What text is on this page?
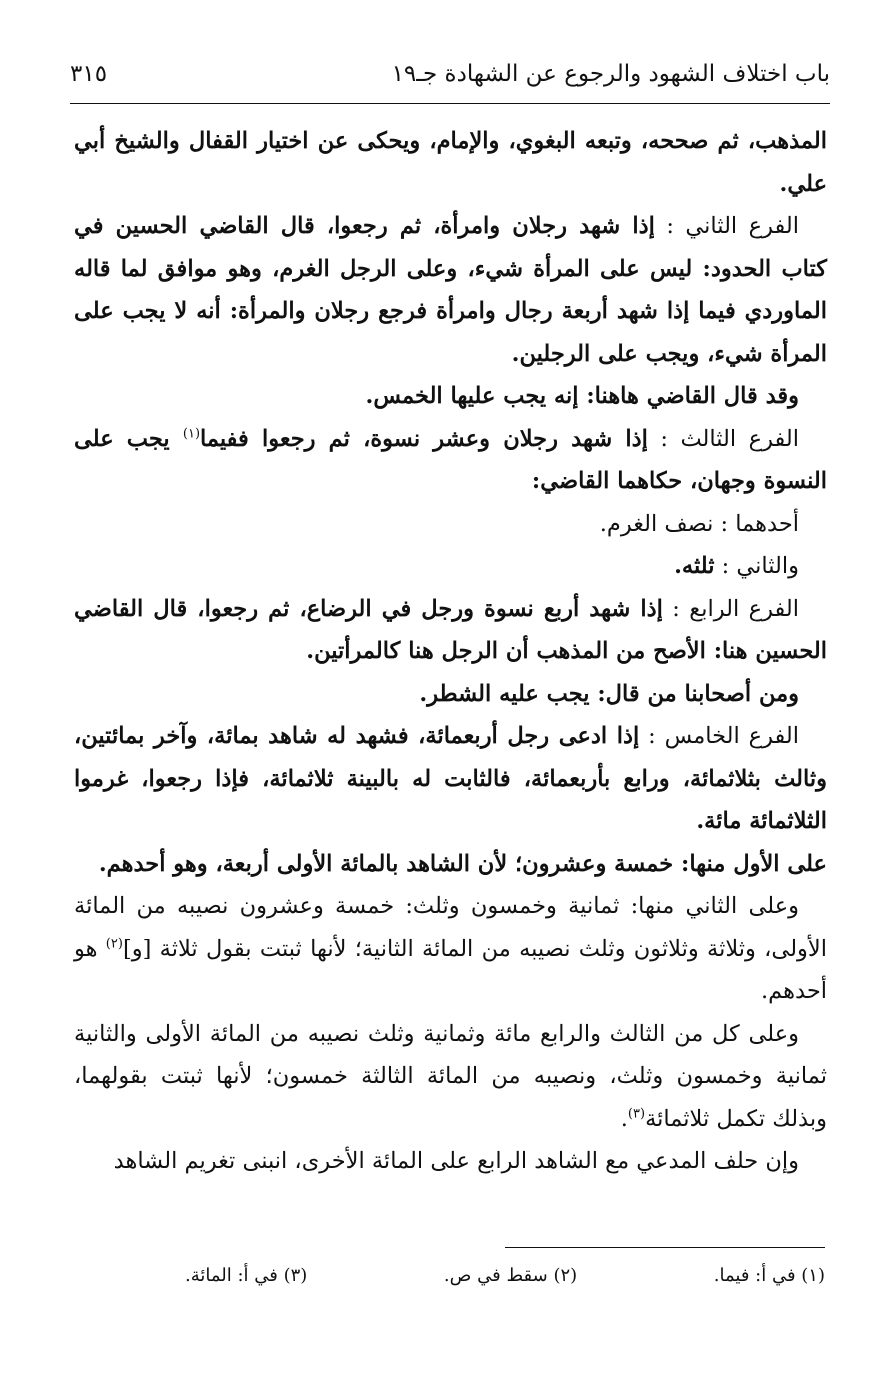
باب اختلاف الشهود والرجوع عن الشهادة جـ١٩
٣١٥

المذهب، ثم صححه، وتبعه البغوي، والإمام، ويحكى عن اختيار القفال والشيخ أبي علي.

الفرع الثاني : إذا شهد رجلان وامرأة، ثم رجعوا، قال القاضي الحسين في كتاب الحدود: ليس على المرأة شيء، وعلى الرجل الغرم، وهو موافق لما قاله الماوردي فيما إذا شهد أربعة رجال وامرأة فرجع رجلان والمرأة: أنه لا يجب على المرأة شيء، ويجب على الرجلين.

وقد قال القاضي هاهنا: إنه يجب عليها الخمس.

الفرع الثالث : إذا شهد رجلان وعشر نسوة، ثم رجعوا ففيما$^{(١)}$ يجب على النسوة وجهان، حكاهما القاضي:

أحدهما : نصف الغرم.

والثاني : ثلثه.

الفرع الرابع : إذا شهد أربع نسوة ورجل في الرضاع، ثم رجعوا، قال القاضي الحسين هنا: الأصح من المذهب أن الرجل هنا كالمرأتين.

ومن أصحابنا من قال: يجب عليه الشطر.

الفرع الخامس : إذا ادعى رجل أربعمائة، فشهد له شاهد بمائة، وآخر بمائتين، وثالث بثلاثمائة، ورابع بأربعمائة، فالثابت له بالبينة ثلاثمائة، فإذا رجعوا، غرموا الثلاثمائة مائة.

على الأول منها: خمسة وعشرون؛ لأن الشاهد بالمائة الأولى أربعة، وهو أحدهم.

وعلى الثاني منها: ثمانية وخمسون وثلث: خمسة وعشرون نصيبه من المائة الأولى، وثلاثة وثلاثون وثلث نصيبه من المائة الثانية؛ لأنها ثبتت بقول ثلاثة [و]$^{(٢)}$ هو أحدهم.

وعلى كل من الثالث والرابع مائة وثمانية وثلث نصيبه من المائة الأولى والثانية ثمانية وخمسون وثلث، ونصيبه من المائة الثالثة خمسون؛ لأنها ثبتت بقولهما، وبذلك تكمل ثلاثمائة$^{(٣)}$.

وإن حلف المدعي مع الشاهد الرابع على المائة الأخرى، انبنى تغريم الشاهد

(١) في أ: فيما.
(٢) سقط في ص.
(٣) في أ: المائة.
